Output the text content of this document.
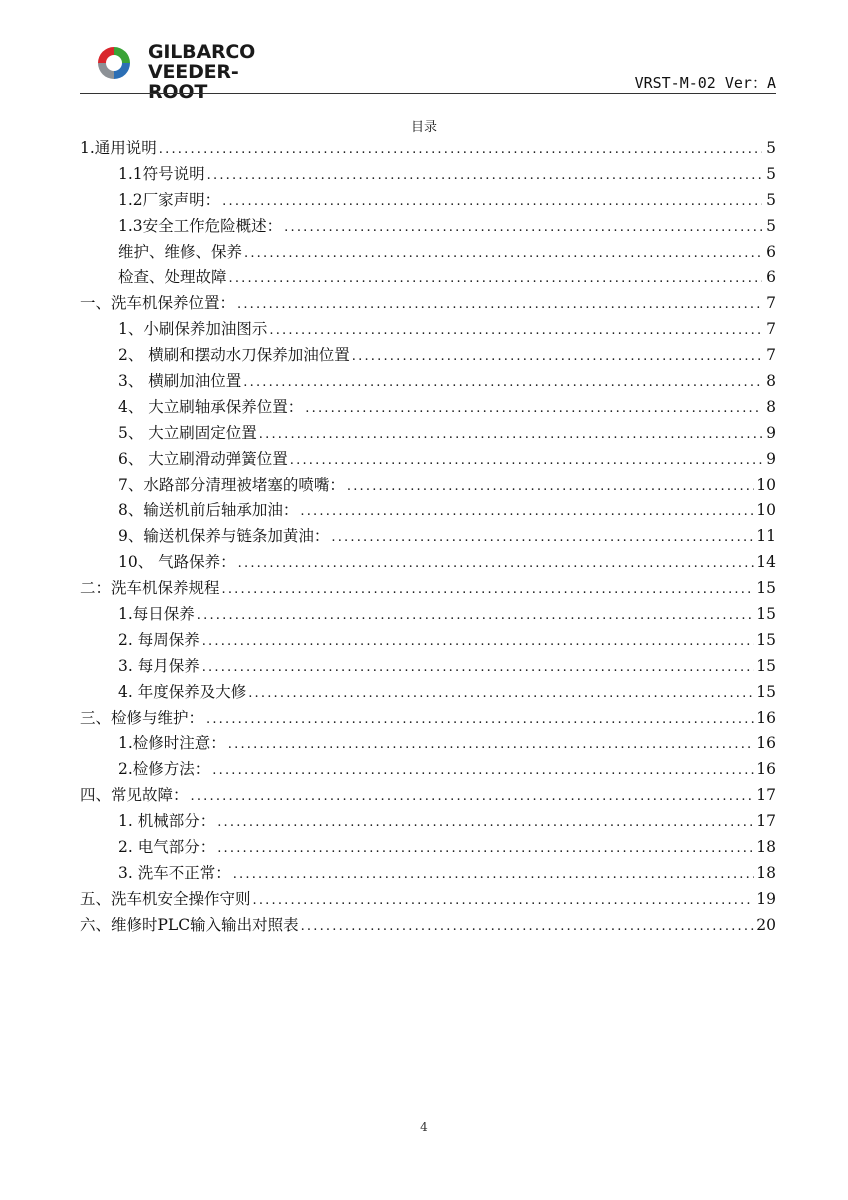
GILBARCO
VEEDER-ROOT	VRST-M-02 Ver：A
目录
1.通用说明 .....	5
1.1符号说明 .....	5
1.2厂家声明： .....	5
1.3安全工作危险概述： .....	5
维护、维修、保养 .....	6
检查、处理故障 .....	6
一、洗车机保养位置： .....	7
1、小刷保养加油图示 .....	7
2、 横刷和摆动水刀保养加油位置 .....	7
3、 横刷加油位置 .....	8
4、 大立刷轴承保养位置： .....	8
5、 大立刷固定位置 .....	9
6、 大立刷滑动弹簧位置 .....	9
7、水路部分清理被堵塞的喷嘴： .....	10
8、输送机前后轴承加油： .....	10
9、输送机保养与链条加黄油： .....	11
10、 气路保养： .....	14
二：洗车机保养规程 .....	15
1.每日保养 .....	15
2. 每周保养 .....	15
3. 每月保养 .....	15
4. 年度保养及大修 .....	15
三、检修与维护： .....	16
1.检修时注意： .....	16
2.检修方法： .....	16
四、常见故障： .....	17
1. 机械部分： .....	17
2. 电气部分： .....	18
3. 洗车不正常： .....	18
五、洗车机安全操作守则 .....	19
六、维修时PLC输入输出对照表 .....	20
4
